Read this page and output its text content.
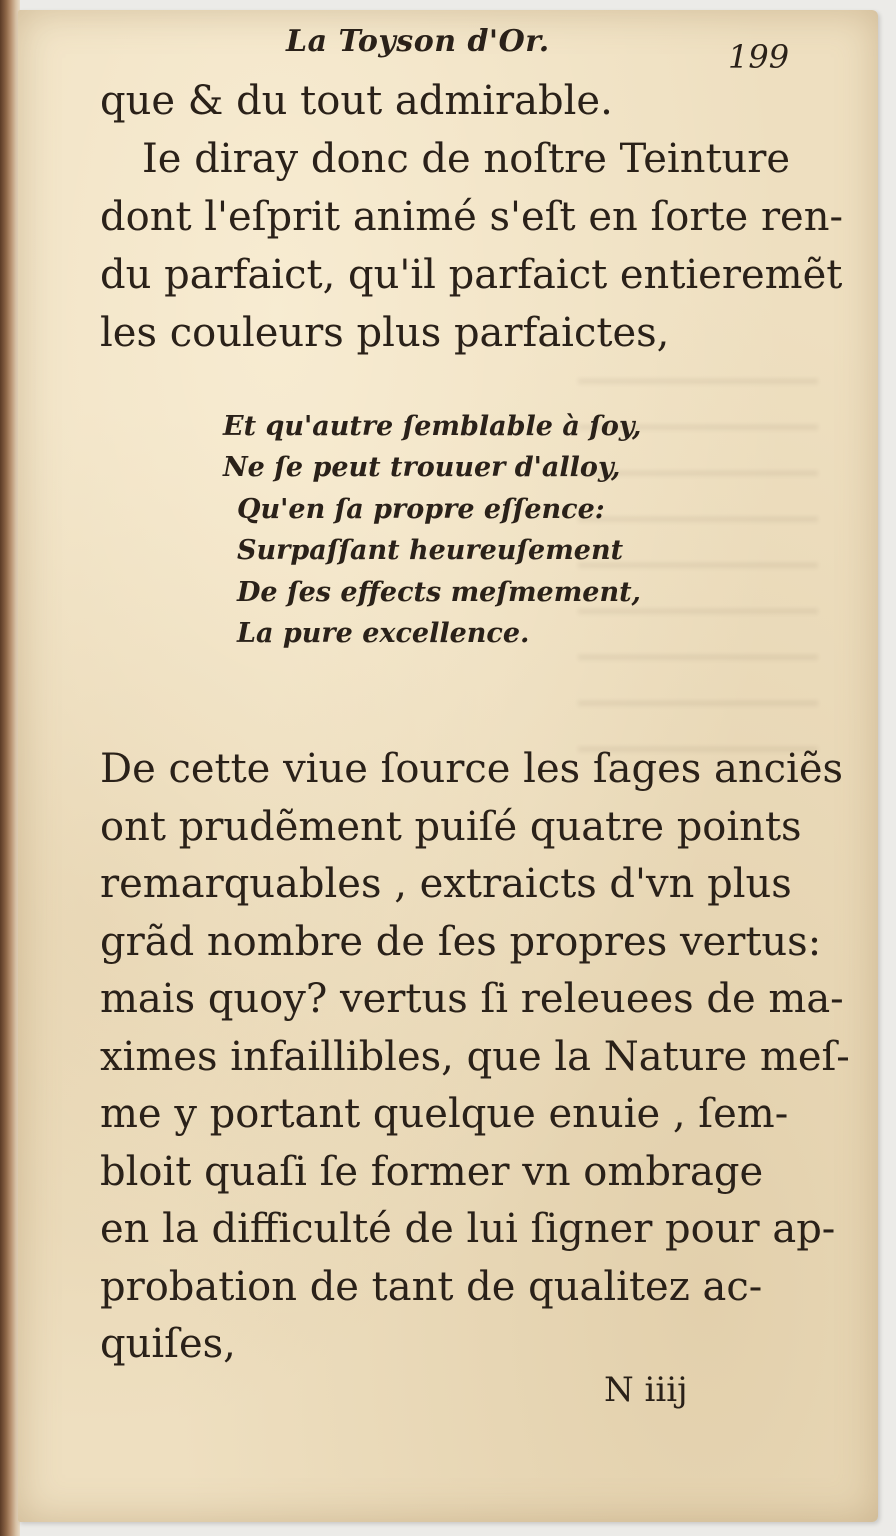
La Toyson d'Or.	199
que & du tout admirable.
Ie diray donc de noſtre Teinture
dont l'eſprit animé s'eſt en ſorte ren-
du parfaict, qu'il parfaict entieremẽt
les couleurs plus parfaictes,
Et qu'autre ſemblable à ſoy,
Ne ſe peut trouuer d'alloy,
Qu'en ſa propre eſſence:
Surpaſſant heureuſement
De ſes effects meſmement,
La pure excellence.
De cette viue ſource les ſages anciẽs
ont prudẽment puiſé quatre points
remarquables , extraicts d'vn plus
grãd nombre de ſes propres vertus:
mais quoy? vertus ſi releuees de ma-
ximes infaillibles, que la Nature meſ-
me y portant quelque enuie , ſem-
bloit quaſi ſe former vn ombrage
en la difficulté de lui ſigner pour ap-
probation de tant de qualitez ac-
quiſes,
N iiij
